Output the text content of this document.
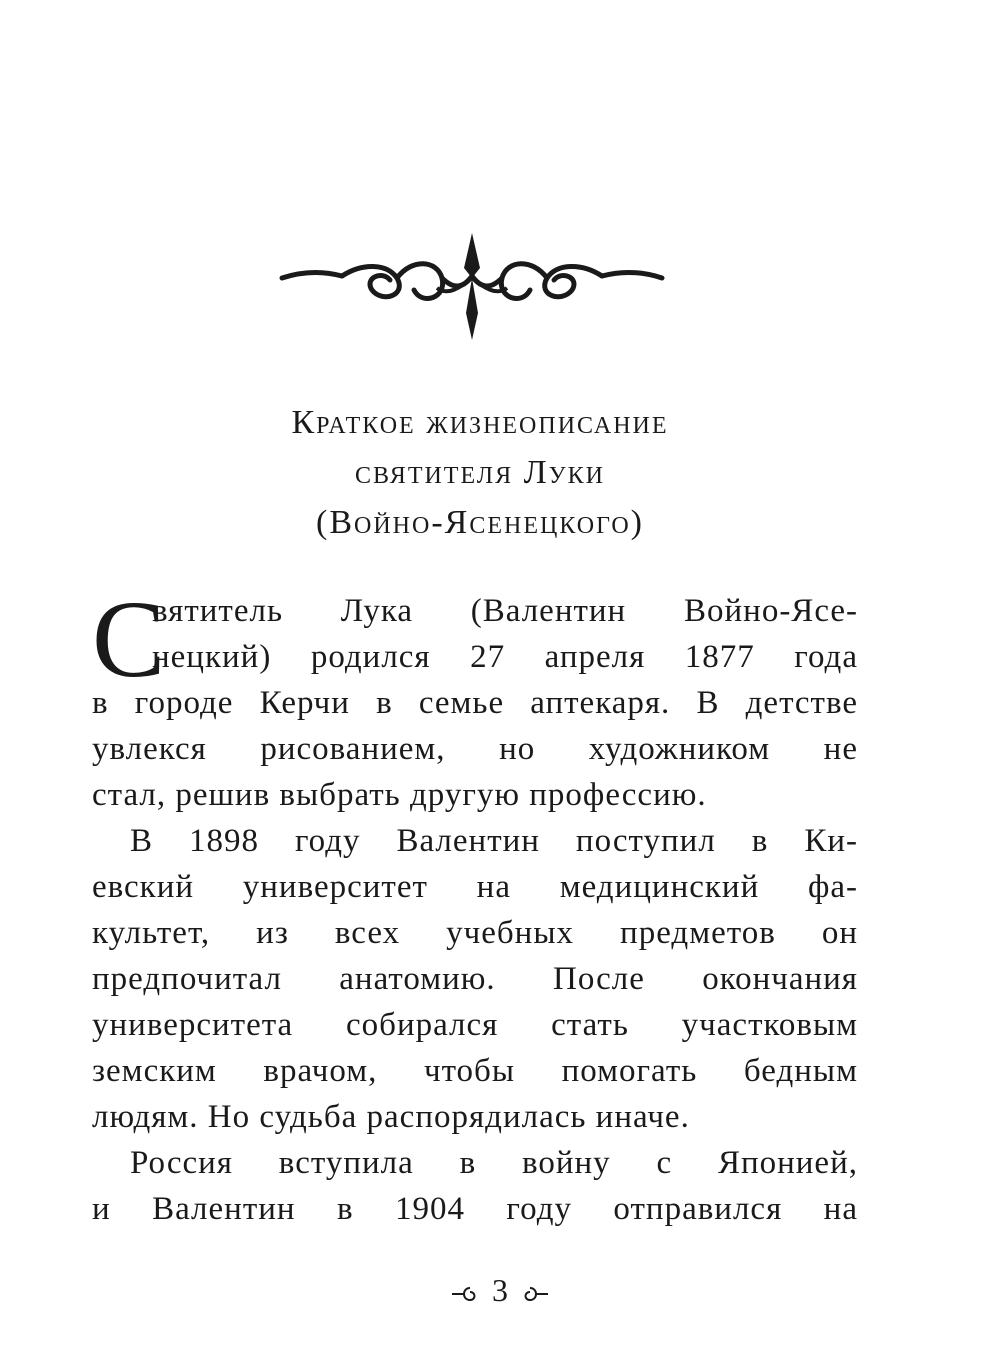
Краткое жизнеописание
святителя Луки
(Войно-Ясенецкого)
С
вятитель Лука (Валентин Войно-Ясе-
нецкий) родился 27 апреля 1877 года
в городе Керчи в семье аптекаря. В детстве
увлекся рисованием, но художником не
стал, решив выбрать другую профессию.
В 1898 году Валентин поступил в Ки-
евский университет на медицинский фа-
культет, из всех учебных предметов он
предпочитал анатомию. После окончания
университета собирался стать участковым
земским врачом, чтобы помогать бедным
людям. Но судьба распорядилась иначе.
Россия вступила в войну с Японией,
и Валентин в 1904 году отправился на
3
